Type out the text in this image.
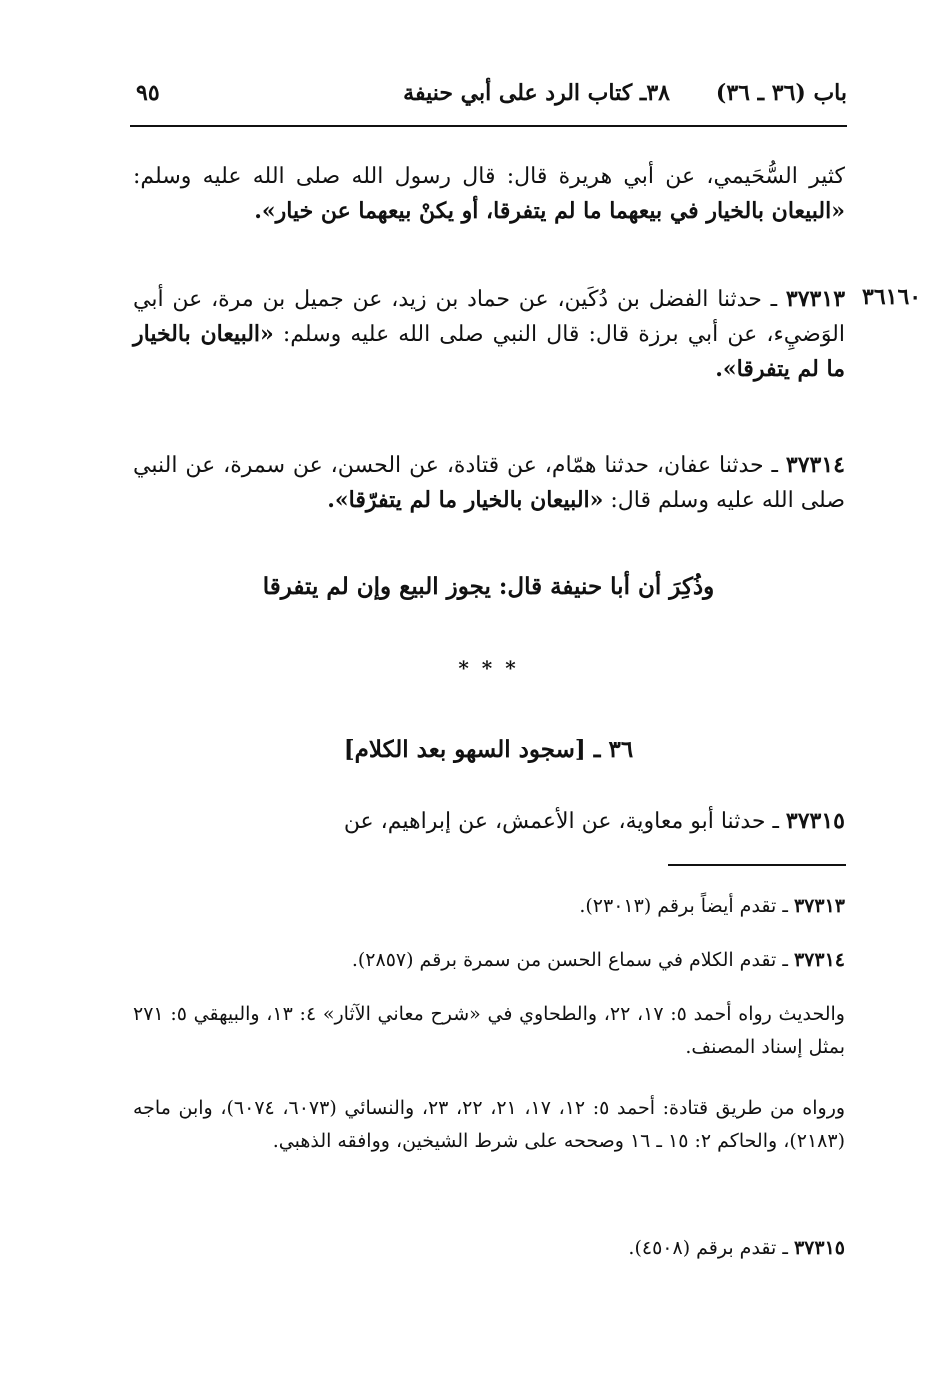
باب (٣٦ ـ ٣٦)      ٣٨ـ كتاب الرد على أبي حنيفة
٩٥
كثير السُّحَيمي، عن أبي هريرة قال: قال رسول الله صلى الله عليه وسلم: «البيعان بالخيار في بيعهما ما لم يتفرقا، أو يكنْ بيعهما عن خيار».
٣٦١٦٠
٣٧٣١٣ ـ حدثنا الفضل بن دُكَين، عن حماد بن زيد، عن جميل بن مرة، عن أبي الوَضيِء، عن أبي برزة قال: قال النبي صلى الله عليه وسلم: «البيعان بالخيار ما لم يتفرقا».
٣٧٣١٤ ـ حدثنا عفان، حدثنا همّام، عن قتادة، عن الحسن، عن سمرة، عن النبي صلى الله عليه وسلم قال: «البيعان بالخيار ما لم يتفرّقا».
وذُكِرَ أن أبا حنيفة قال: يجوز البيع وإن لم يتفرقا
* * *
٣٦ ـ [سجود السهو بعد الكلام]
٣٧٣١٥ ـ حدثنا أبو معاوية، عن الأعمش، عن إبراهيم، عن
٣٧٣١٣ ـ تقدم أيضاً برقم (٢٣٠١٣).
٣٧٣١٤ ـ تقدم الكلام في سماع الحسن من سمرة برقم (٢٨٥٧).
والحديث رواه أحمد ٥: ١٧، ٢٢، والطحاوي في «شرح معاني الآثار» ٤: ١٣، والبيهقي ٥: ٢٧١ بمثل إسناد المصنف.
ورواه من طريق قتادة: أحمد ٥: ١٢، ١٧، ٢١، ٢٢، ٢٣، والنسائي (٦٠٧٣، ٦٠٧٤)، وابن ماجه (٢١٨٣)، والحاكم ٢: ١٥ ـ ١٦ وصححه على شرط الشيخين، ووافقه الذهبي.
٣٧٣١٥ ـ تقدم برقم (٤٥٠٨).
